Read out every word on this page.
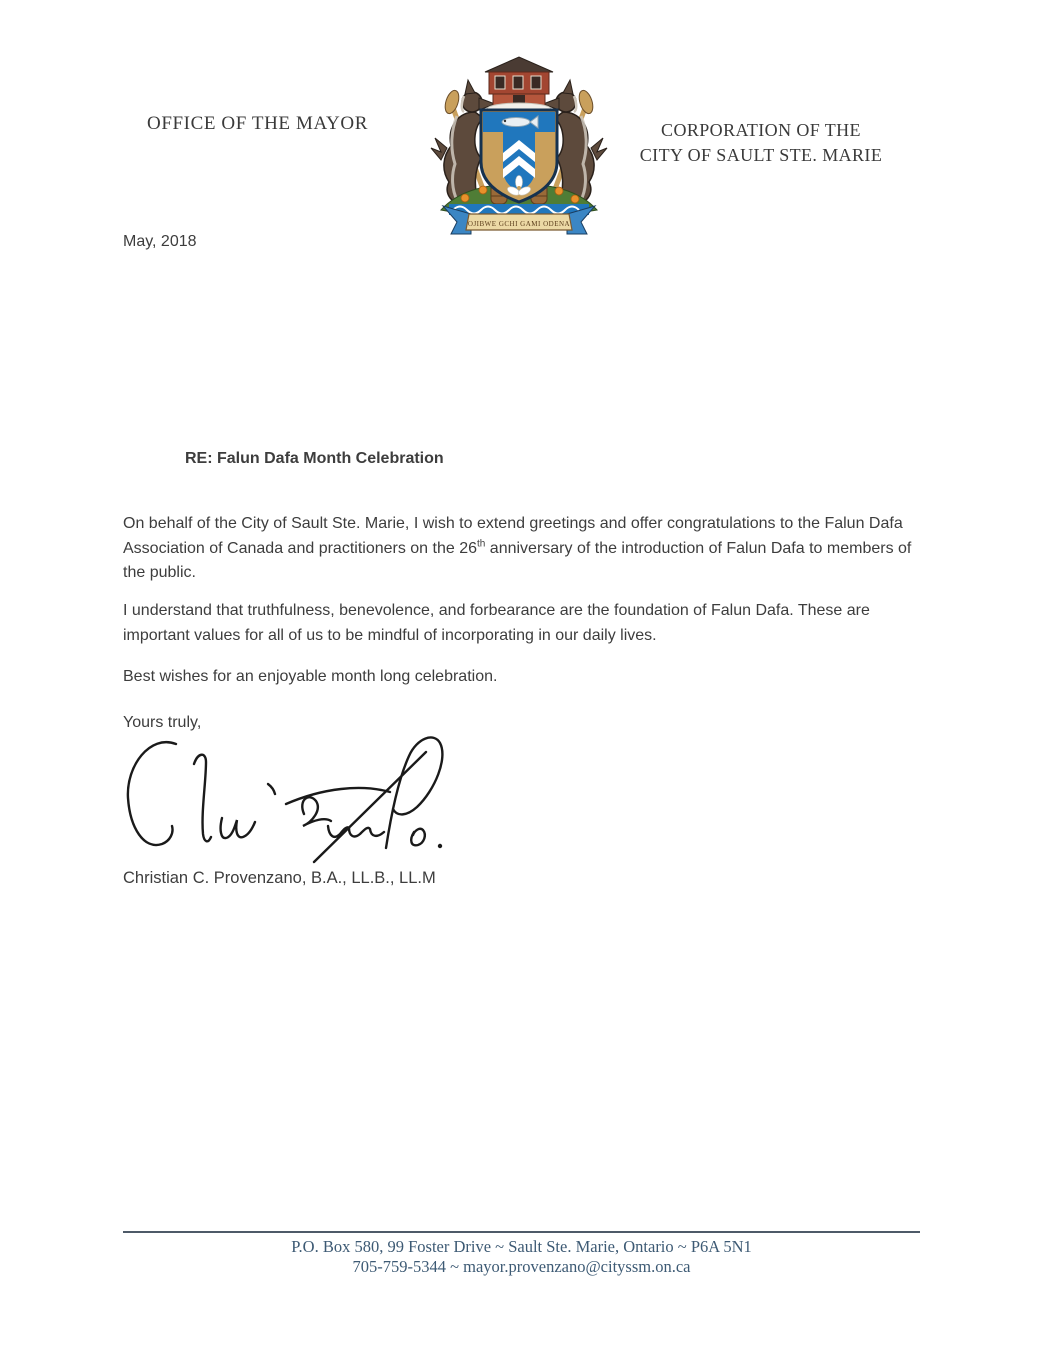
OFFICE OF THE MAYOR	CORPORATION OF THE
CITY OF SAULT STE. MARIE
OJIBWE GCHI GAMI ODENA
May, 2018
RE: Falun Dafa Month Celebration

On behalf of the City of Sault Ste. Marie, I wish to extend greetings and offer congratulations to the Falun Dafa Association of Canada and practitioners on the 26th anniversary of the introduction of Falun Dafa to members of the public.

I understand that truthfulness, benevolence, and forbearance are the foundation of Falun Dafa. These are important values for all of us to be mindful of incorporating in our daily lives.

Best wishes for an enjoyable month long celebration.

Yours truly,
Christian C. Provenzano, B.A., LL.B., LL.M
P.O. Box 580, 99 Foster Drive ~ Sault Ste. Marie, Ontario ~ P6A 5N1
705-759-5344 ~ mayor.provenzano@cityssm.on.ca
